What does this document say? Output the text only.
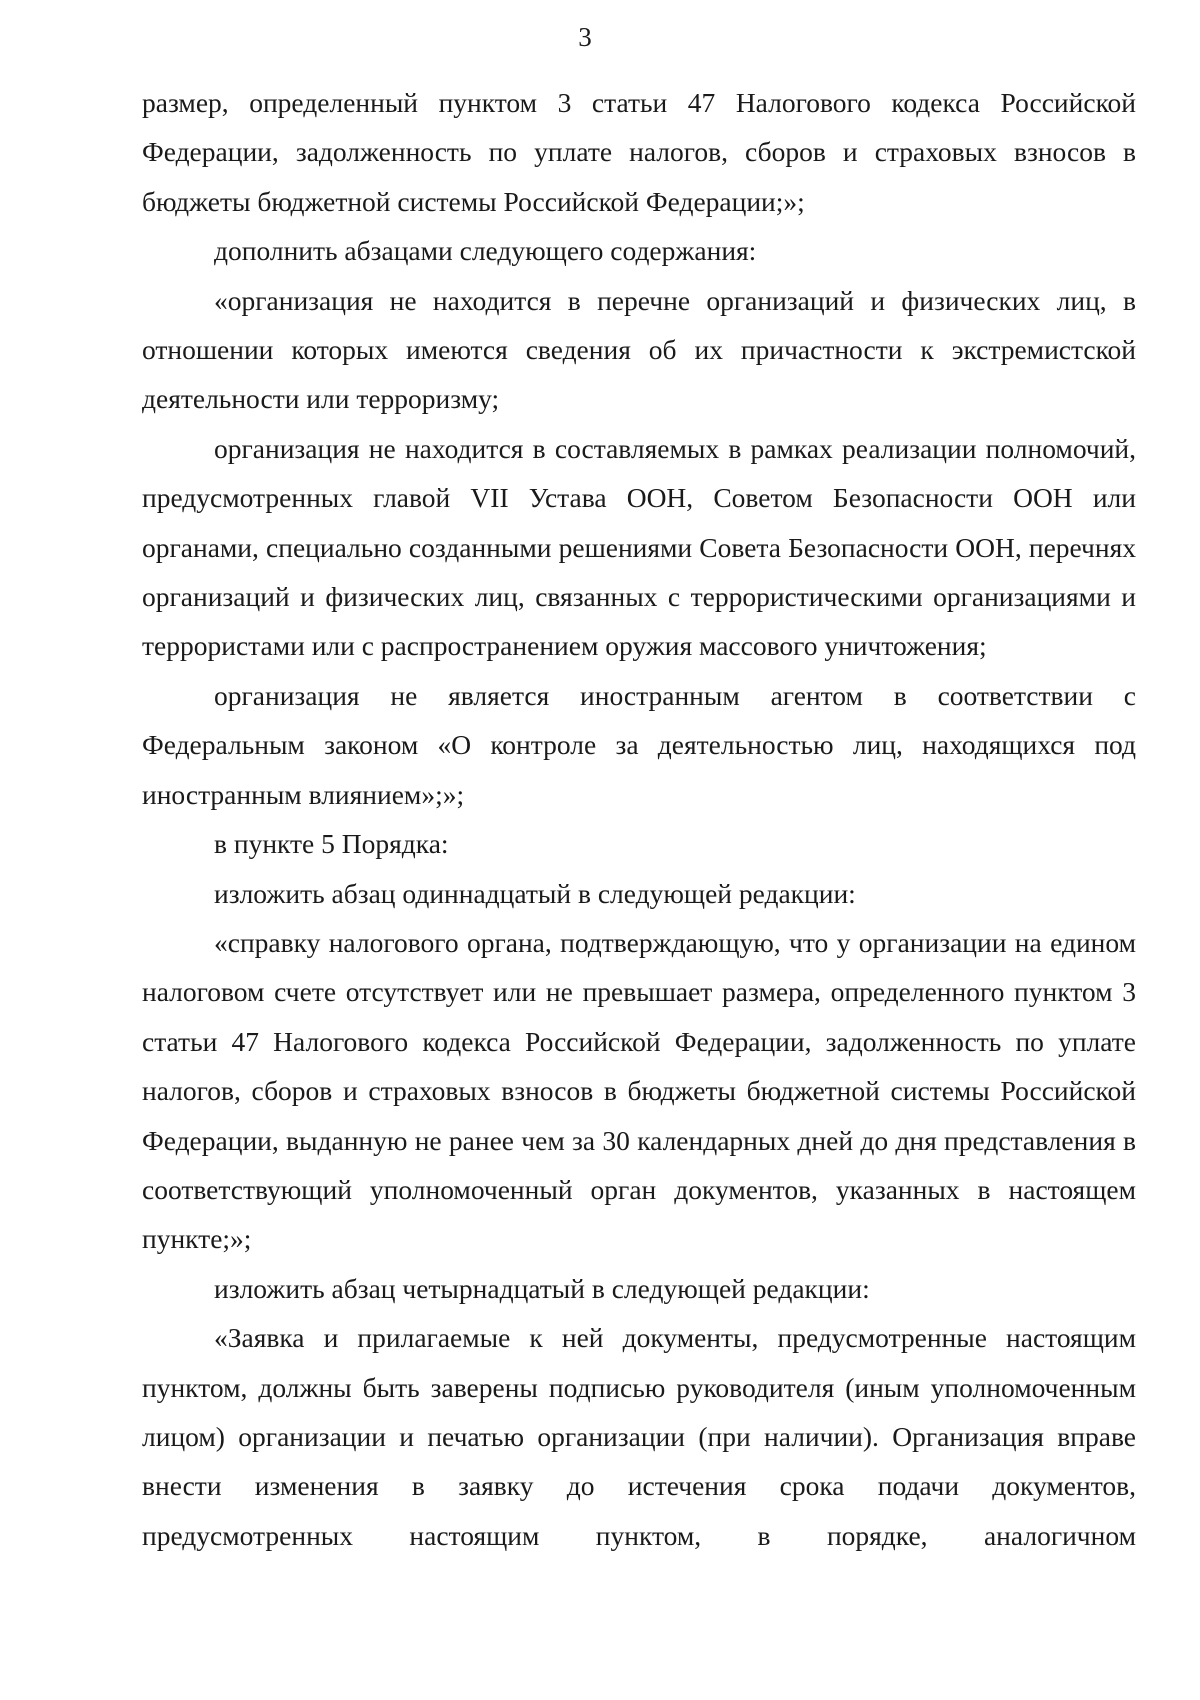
3

размер, определенный пунктом 3 статьи 47 Налогового кодекса Российской Федерации, задолженность по уплате налогов, сборов и страховых взносов в бюджеты бюджетной системы Российской Федерации;»;

дополнить абзацами следующего содержания:

«организация не находится в перечне организаций и физических лиц, в отношении которых имеются сведения об их причастности к экстремистской деятельности или терроризму;

организация не находится в составляемых в рамках реализации полномочий, предусмотренных главой VII Устава ООН, Советом Безопасности ООН или органами, специально созданными решениями Совета Безопасности ООН, перечнях организаций и физических лиц, связанных с террористическими организациями и террористами или с распространением оружия массового уничтожения;

организация не является иностранным агентом в соответствии с Федеральным законом «О контроле за деятельностью лиц, находящихся под иностранным влиянием»;»;

в пункте 5 Порядка:

изложить абзац одиннадцатый в следующей редакции:

«справку налогового органа, подтверждающую, что у организации на едином налоговом счете отсутствует или не превышает размера, определенного пунктом 3 статьи 47 Налогового кодекса Российской Федерации, задолженность по уплате налогов, сборов и страховых взносов в бюджеты бюджетной системы Российской Федерации, выданную не ранее чем за 30 календарных дней до дня представления в соответствующий уполномоченный орган документов, указанных в настоящем пункте;»;

изложить абзац четырнадцатый в следующей редакции:

«Заявка и прилагаемые к ней документы, предусмотренные настоящим пунктом, должны быть заверены подписью руководителя (иным уполномоченным лицом) организации и печатью организации (при наличии). Организация вправе внести изменения в заявку до истечения срока подачи документов, предусмотренных настоящим пунктом, в порядке, аналогичном
